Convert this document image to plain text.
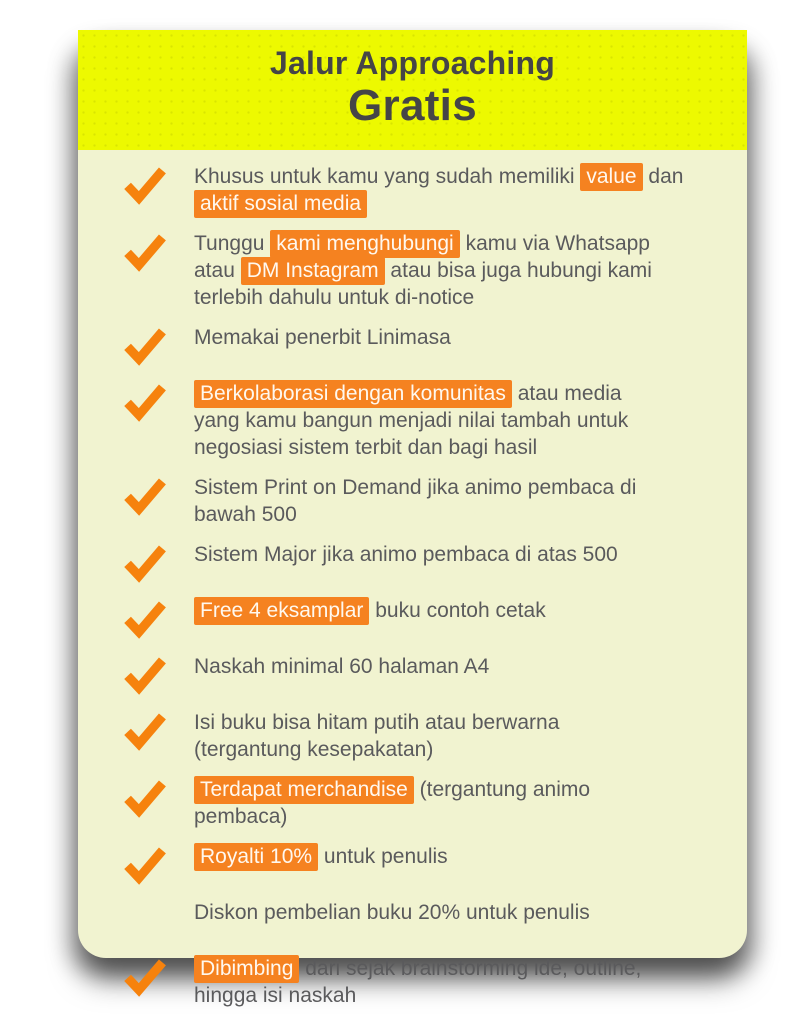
Jalur Approaching
Gratis
Khusus untuk kamu yang sudah memiliki value dan
aktif sosial media
Tunggu kami menghubungi kamu via Whatsapp
atau DM Instagram atau bisa juga hubungi kami
terlebih dahulu untuk di-notice
Memakai penerbit Linimasa
Berkolaborasi dengan komunitas atau media
yang kamu bangun menjadi nilai tambah untuk
negosiasi sistem terbit dan bagi hasil
Sistem Print on Demand jika animo pembaca di
bawah 500
Sistem Major jika animo pembaca di atas 500
Free 4 eksamplar buku contoh cetak
Naskah minimal 60 halaman A4
Isi buku bisa hitam putih atau berwarna
(tergantung kesepakatan)
Terdapat merchandise (tergantung animo
pembaca)
Royalti 10% untuk penulis
Diskon pembelian buku 20% untuk penulis
Dibimbing dari sejak brainstorming ide, outline,
hingga isi naskah
